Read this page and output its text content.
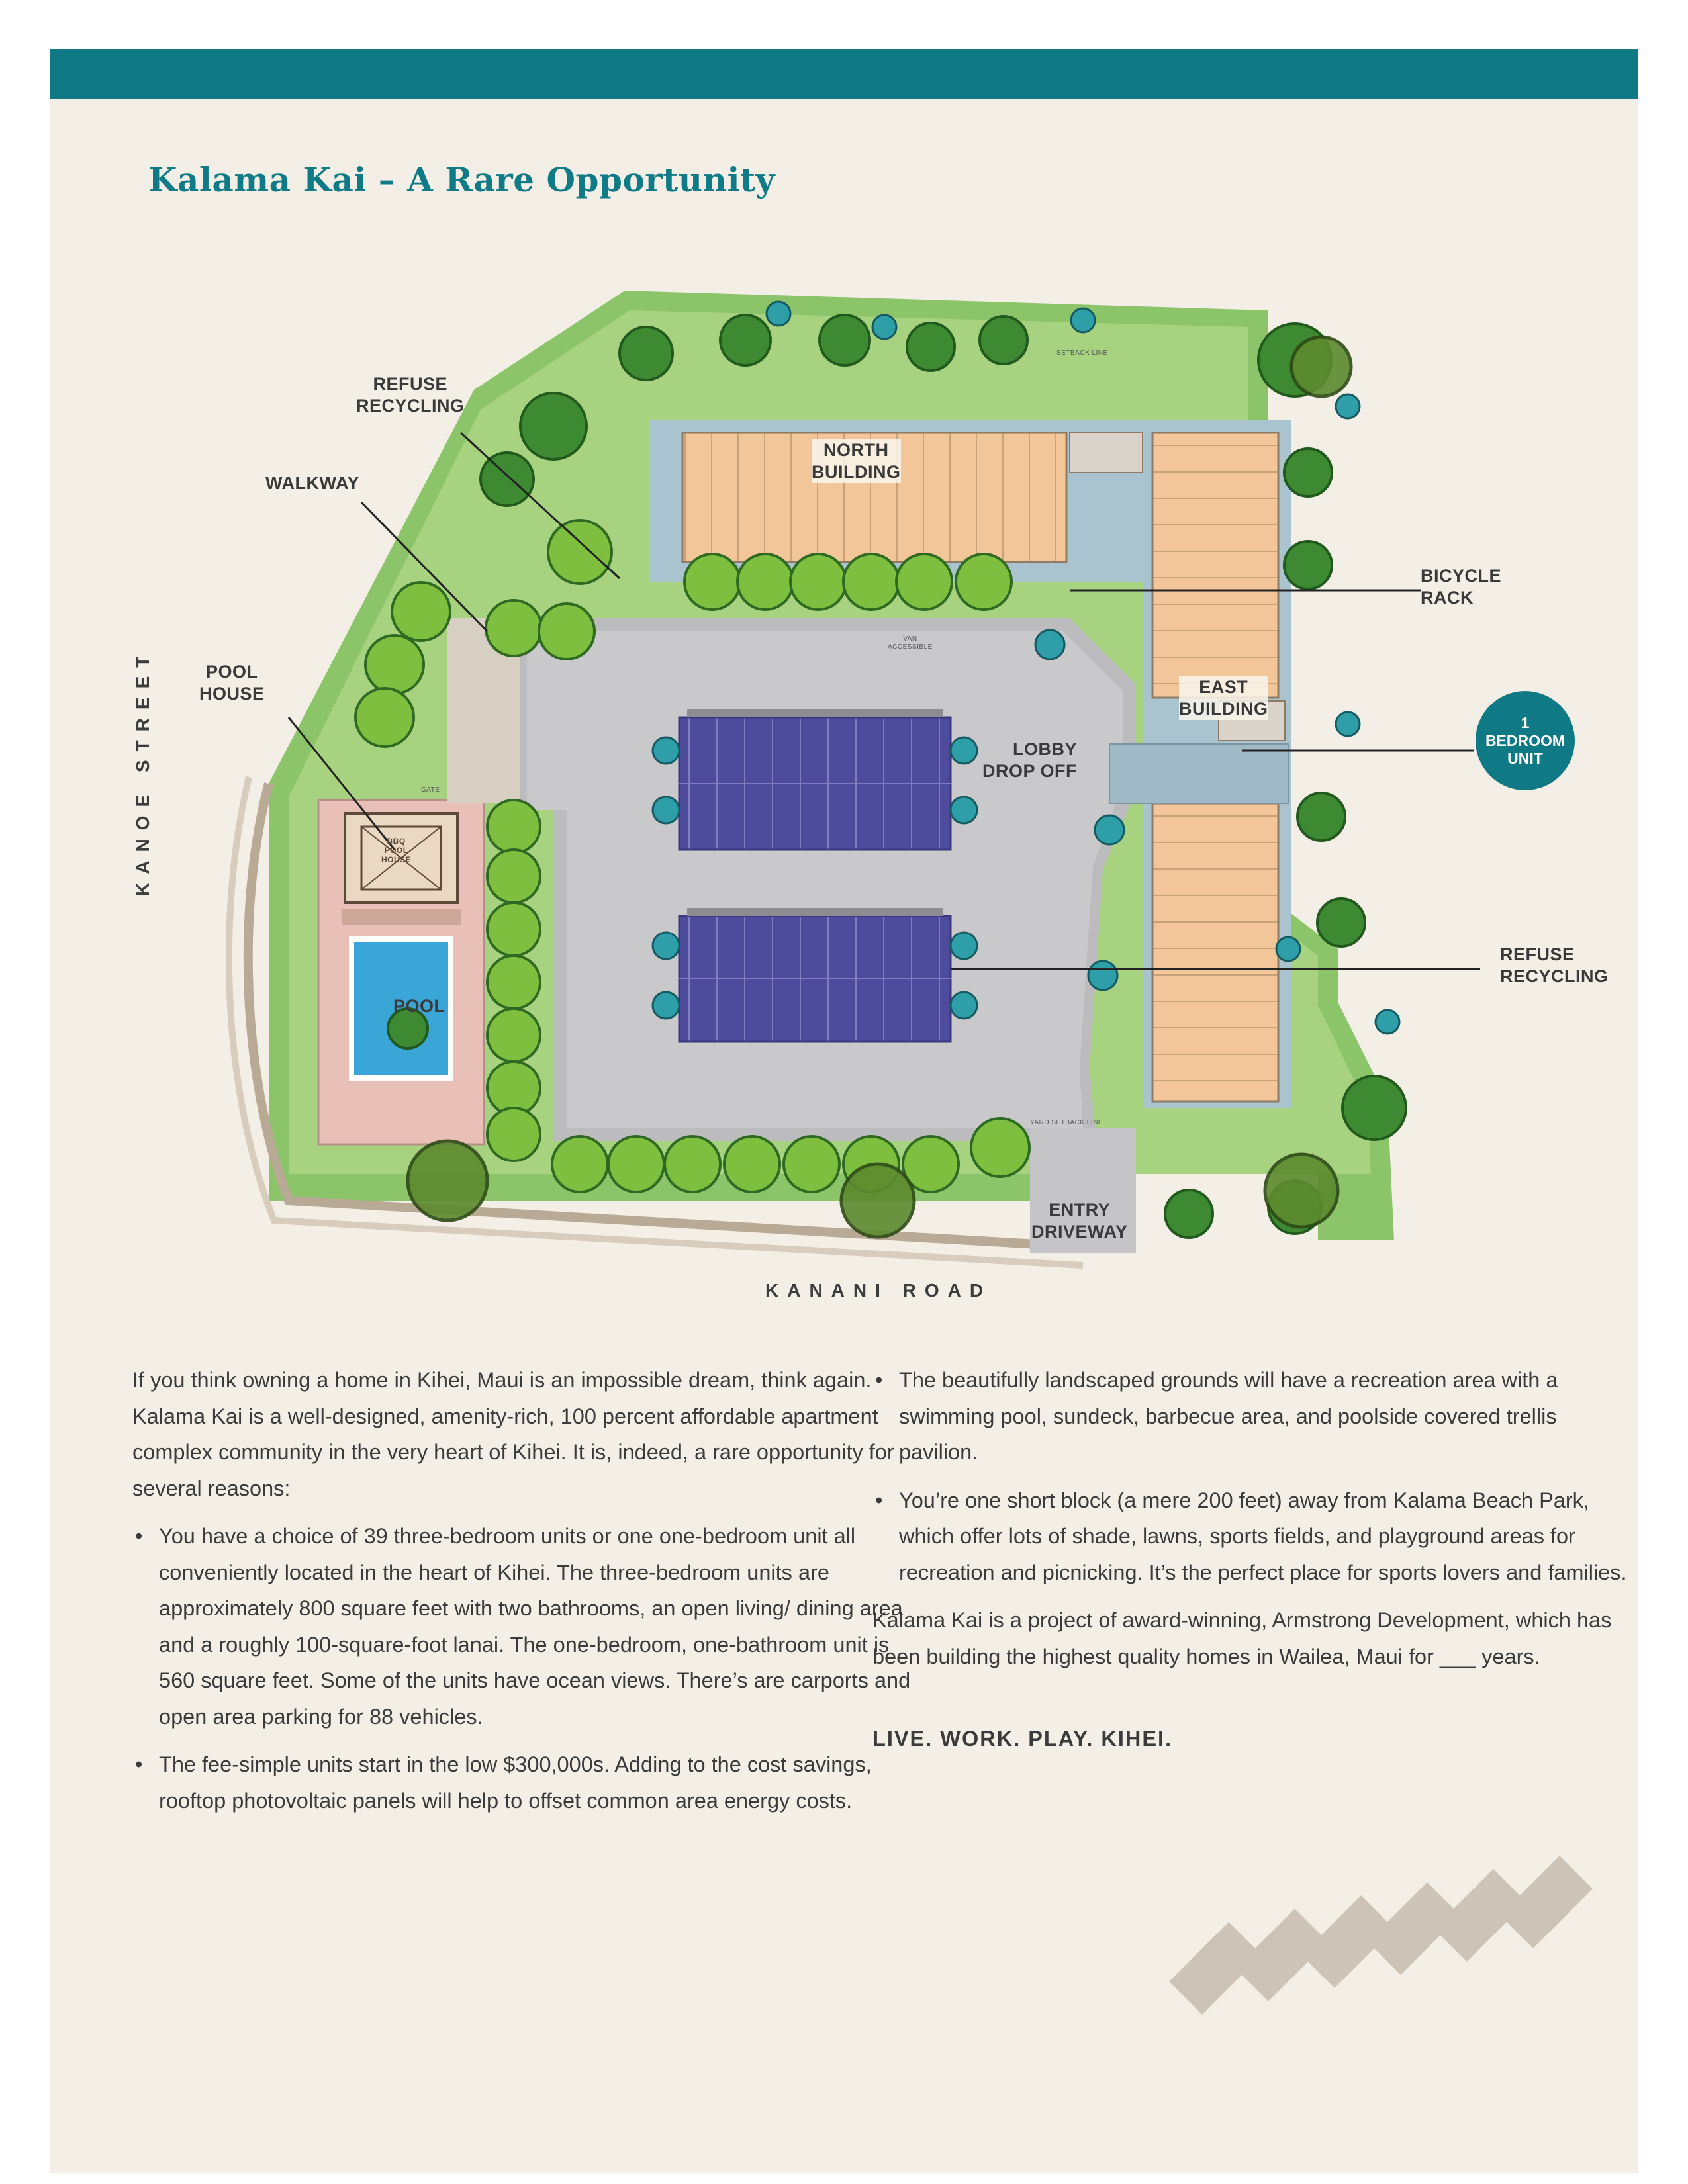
Kalama Kai – A Rare Opportunity
REFUSE
RECYCLING
WALKWAY
NORTH
BUILDING
BICYCLE
RACK
POOL
HOUSE	EAST
BUILDING
LOBBY
DROP OFF
REFUSE
RECYCLING
POOL
ENTRY
DRIVEWAY
BBQ
POOL
HOUSE
VAN
ACCESSIBLE
SETBACK LINE
YARD SETBACK LINE
GATE
1
BEDROOM
UNIT
KANOE STREET
KANANI ROAD

If you think owning a home in Kihei, Maui is an impossible dream, think again. Kalama Kai is a well-designed, amenity-rich, 100 percent affordable apartment complex community in the very heart of Kihei. It is, indeed, a rare opportunity for several reasons:

• You have a choice of 39 three-bedroom units or one one-bedroom unit all conveniently located in the heart of Kihei. The three-bedroom units are approximately 800 square feet with two bathrooms, an open living/ dining area and a roughly 100-square-foot lanai. The one-bedroom, one-bathroom unit is 560 square feet. Some of the units have ocean views. There’s are carports and open area parking for 88 vehicles.
• The fee-simple units start in the low $300,000s. Adding to the cost savings, rooftop photovoltaic panels will help to offset common area energy costs.
• The beautifully landscaped grounds will have a recreation area with a swimming pool, sundeck, barbecue area, and poolside covered trellis pavilion.
• You’re one short block (a mere 200 feet) away from Kalama Beach Park, which offer lots of shade, lawns, sports fields, and playground areas for recreation and picnicking. It’s the perfect place for sports lovers and families.

Kalama Kai is a project of award-winning, Armstrong Development, which has been building the highest quality homes in Wailea, Maui for ___ years.

LIVE. WORK. PLAY. KIHEI.
